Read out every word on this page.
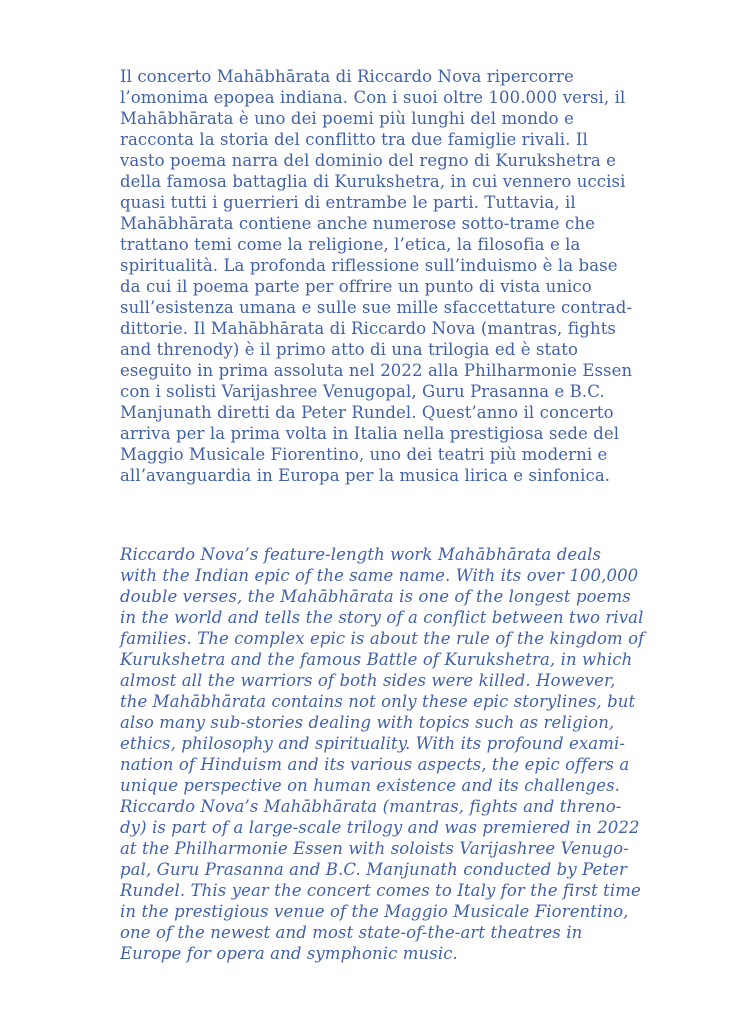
Il concerto Mahābhārata di Riccardo Nova ripercorre
l’omonima epopea indiana. Con i suoi oltre 100.000 versi, il
Mahābhārata è uno dei poemi più lunghi del mondo e
racconta la storia del conflitto tra due famiglie rivali. Il
vasto poema narra del dominio del regno di Kurukshetra e
della famosa battaglia di Kurukshetra, in cui vennero uccisi
quasi tutti i guerrieri di entrambe le parti. Tuttavia, il
Mahābhārata contiene anche numerose sotto-trame che
trattano temi come la religione, l’etica, la filosofia e la
spiritualità. La profonda riflessione sull’induismo è la base
da cui il poema parte per offrire un punto di vista unico
sull’esistenza umana e sulle sue mille sfaccettature contrad-
dittorie. Il Mahābhārata di Riccardo Nova (mantras, fights
and threnody) è il primo atto di una trilogia ed è stato
eseguito in prima assoluta nel 2022 alla Philharmonie Essen
con i solisti Varijashree Venugopal, Guru Prasanna e B.C.
Manjunath diretti da Peter Rundel. Quest’anno il concerto
arriva per la prima volta in Italia nella prestigiosa sede del
Maggio Musicale Fiorentino, uno dei teatri più moderni e
all’avanguardia in Europa per la musica lirica e sinfonica.
Riccardo Nova’s feature-length work Mahābhārata deals
with the Indian epic of the same name. With its over 100,000
double verses, the Mahābhārata is one of the longest poems
in the world and tells the story of a conflict between two rival
families. The complex epic is about the rule of the kingdom of
Kurukshetra and the famous Battle of Kurukshetra, in which
almost all the warriors of both sides were killed. However,
the Mahābhārata contains not only these epic storylines, but
also many sub-stories dealing with topics such as religion,
ethics, philosophy and spirituality. With its profound exami-
nation of Hinduism and its various aspects, the epic offers a
unique perspective on human existence and its challenges.
Riccardo Nova’s Mahābhārata (mantras, fights and threno-
dy) is part of a large-scale trilogy and was premiered in 2022
at the Philharmonie Essen with soloists Varijashree Venugo-
pal, Guru Prasanna and B.C. Manjunath conducted by Peter
Rundel. This year the concert comes to Italy for the first time
in the prestigious venue of the Maggio Musicale Fiorentino,
one of the newest and most state-of-the-art theatres in
Europe for opera and symphonic music.
